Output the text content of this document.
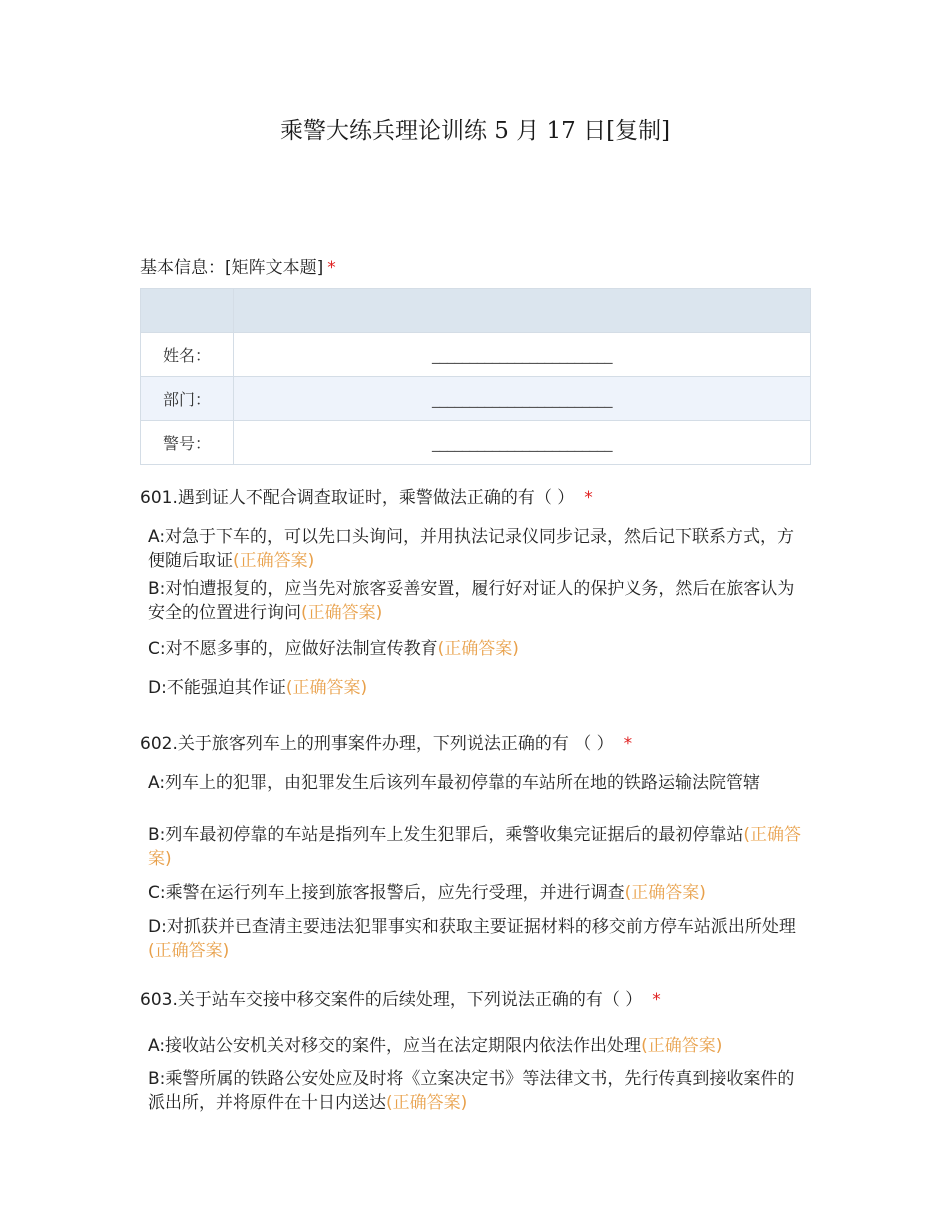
乘警大练兵理论训练 5 月 17 日[复制]
基本信息：[矩阵文本题] *

姓名：	________________________
部门：	________________________
警号：	________________________
601.遇到证人不配合调查取证时，乘警做法正确的有（ ） *
A:对急于下车的，可以先口头询问，并用执法记录仪同步记录，然后记下联系方式，方便随后取证(正确答案)
B:对怕遭报复的，应当先对旅客妥善安置，履行好对证人的保护义务，然后在旅客认为安全的位置进行询问(正确答案)
C:对不愿多事的，应做好法制宣传教育(正确答案)
D:不能强迫其作证(正确答案)
602.关于旅客列车上的刑事案件办理，下列说法正确的有 （ ） *
A:列车上的犯罪，由犯罪发生后该列车最初停靠的车站所在地的铁路运输法院管辖
B:列车最初停靠的车站是指列车上发生犯罪后，乘警收集完证据后的最初停靠站(正确答案)
C:乘警在运行列车上接到旅客报警后，应先行受理，并进行调查(正确答案)
D:对抓获并已查清主要违法犯罪事实和获取主要证据材料的移交前方停车站派出所处理(正确答案)
603.关于站车交接中移交案件的后续处理，下列说法正确的有（ ） *
A:接收站公安机关对移交的案件，应当在法定期限内依法作出处理(正确答案)
B:乘警所属的铁路公安处应及时将《立案决定书》等法律文书，先行传真到接收案件的派出所，并将原件在十日内送达(正确答案)
